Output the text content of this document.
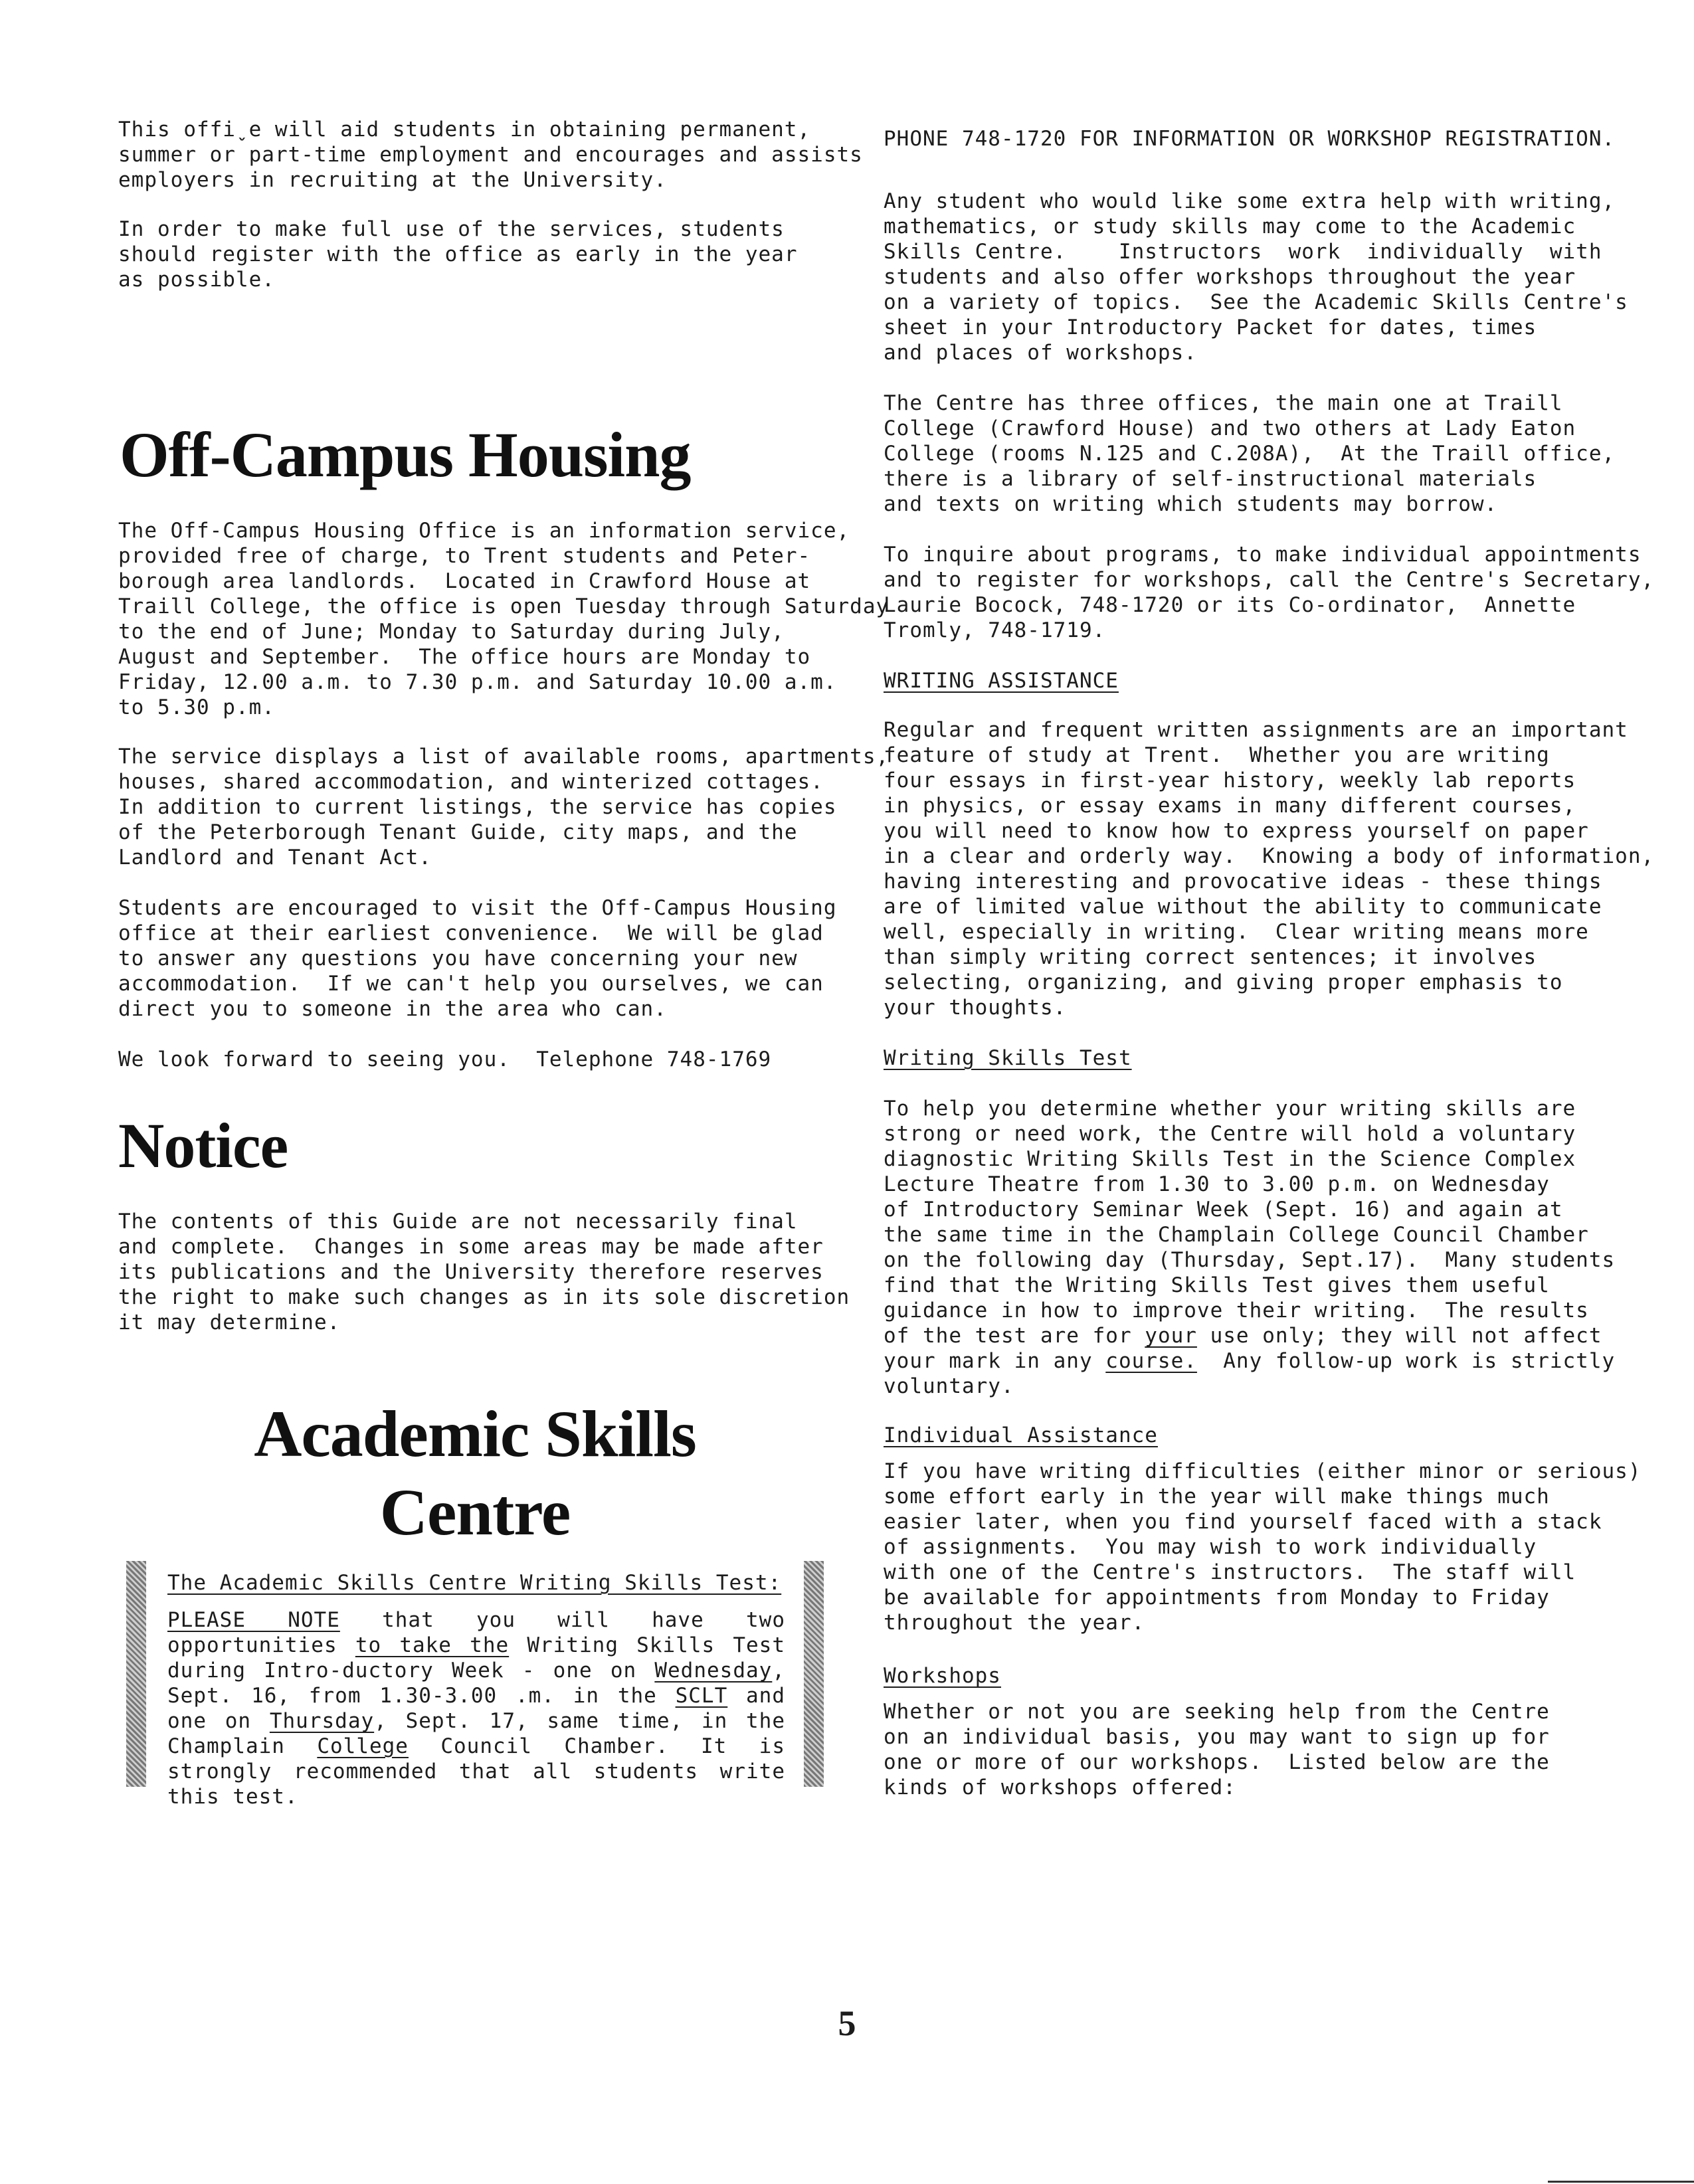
This offiˬe will aid students in obtaining permanent,
summer or part-time employment and encourages and assists
employers in recruiting at the University.

In order to make full use of the services, students
should register with the office as early in the year
as possible.

Off-Campus Housing

The Off-Campus Housing Office is an information service,
provided free of charge, to Trent students and Peter-
borough area landlords.  Located in Crawford House at
Traill College, the office is open Tuesday through Saturday
to the end of June; Monday to Saturday during July,
August and September.  The office hours are Monday to
Friday, 12.00 a.m. to 7.30 p.m. and Saturday 10.00 a.m.
to 5.30 p.m.

The service displays a list of available rooms, apartments,
houses, shared accommodation, and winterized cottages.
In addition to current listings, the service has copies
of the Peterborough Tenant Guide, city maps, and the
Landlord and Tenant Act.

Students are encouraged to visit the Off-Campus Housing
office at their earliest convenience.  We will be glad
to answer any questions you have concerning your new
accommodation.  If we can't help you ourselves, we can
direct you to someone in the area who can.

We look forward to seeing you.  Telephone 748-1769

Notice

The contents of this Guide are not necessarily final
and complete.  Changes in some areas may be made after
its publications and the University therefore reserves
the right to make such changes as in its sole discretion
it may determine.

Academic Skills
Centre

The Academic Skills Centre Writing Skills Test:

PLEASE NOTE that you will have two opportunities to take the Writing Skills Test during Intro-ductory Week - one on Wednesday, Sept. 16, from 1.30-3.00 .m. in the SCLT and one on Thursday, Sept. 17, same time, in the Champlain College Council Chamber. It is strongly recommended that all students write this test.

PHONE 748-1720 FOR INFORMATION OR WORKSHOP REGISTRATION.

Any student who would like some extra help with writing,
mathematics, or study skills may come to the Academic
Skills Centre.    Instructors  work  individually  with
students and also offer workshops throughout the year
on a variety of topics.  See the Academic Skills Centre's
sheet in your Introductory Packet for dates, times
and places of workshops.

The Centre has three offices, the main one at Traill
College (Crawford House) and two others at Lady Eaton
College (rooms N.125 and C.208A),  At the Traill office,
there is a library of self-instructional materials
and texts on writing which students may borrow.

To inquire about programs, to make individual appointments
and to register for workshops, call the Centre's Secretary,
Laurie Bocock, 748-1720 or its Co-ordinator,  Annette
Tromly, 748-1719.

WRITING ASSISTANCE

Regular and frequent written assignments are an important
feature of study at Trent.  Whether you are writing
four essays in first-year history, weekly lab reports
in physics, or essay exams in many different courses,
you will need to know how to express yourself on paper
in a clear and orderly way.  Knowing a body of information,
having interesting and provocative ideas - these things
are of limited value without the ability to communicate
well, especially in writing.  Clear writing means more
than simply writing correct sentences; it involves
selecting, organizing, and giving proper emphasis to
your thoughts.

Writing Skills Test

To help you determine whether your writing skills are
strong or need work, the Centre will hold a voluntary
diagnostic Writing Skills Test in the Science Complex
Lecture Theatre from 1.30 to 3.00 p.m. on Wednesday
of Introductory Seminar Week (Sept. 16) and again at
the same time in the Champlain College Council Chamber
on the following day (Thursday, Sept.17).  Many students
find that the Writing Skills Test gives them useful
guidance in how to improve their writing.  The results
of the test are for your use only; they will not affect
your mark in any course.  Any follow-up work is strictly
voluntary.

Individual Assistance

If you have writing difficulties (either minor or serious)
some effort early in the year will make things much
easier later, when you find yourself faced with a stack
of assignments.  You may wish to work individually
with one of the Centre's instructors.  The staff will
be available for appointments from Monday to Friday
throughout the year.

Workshops

Whether or not you are seeking help from the Centre
on an individual basis, you may want to sign up for
one or more of our workshops.  Listed below are the
kinds of workshops offered:

5
